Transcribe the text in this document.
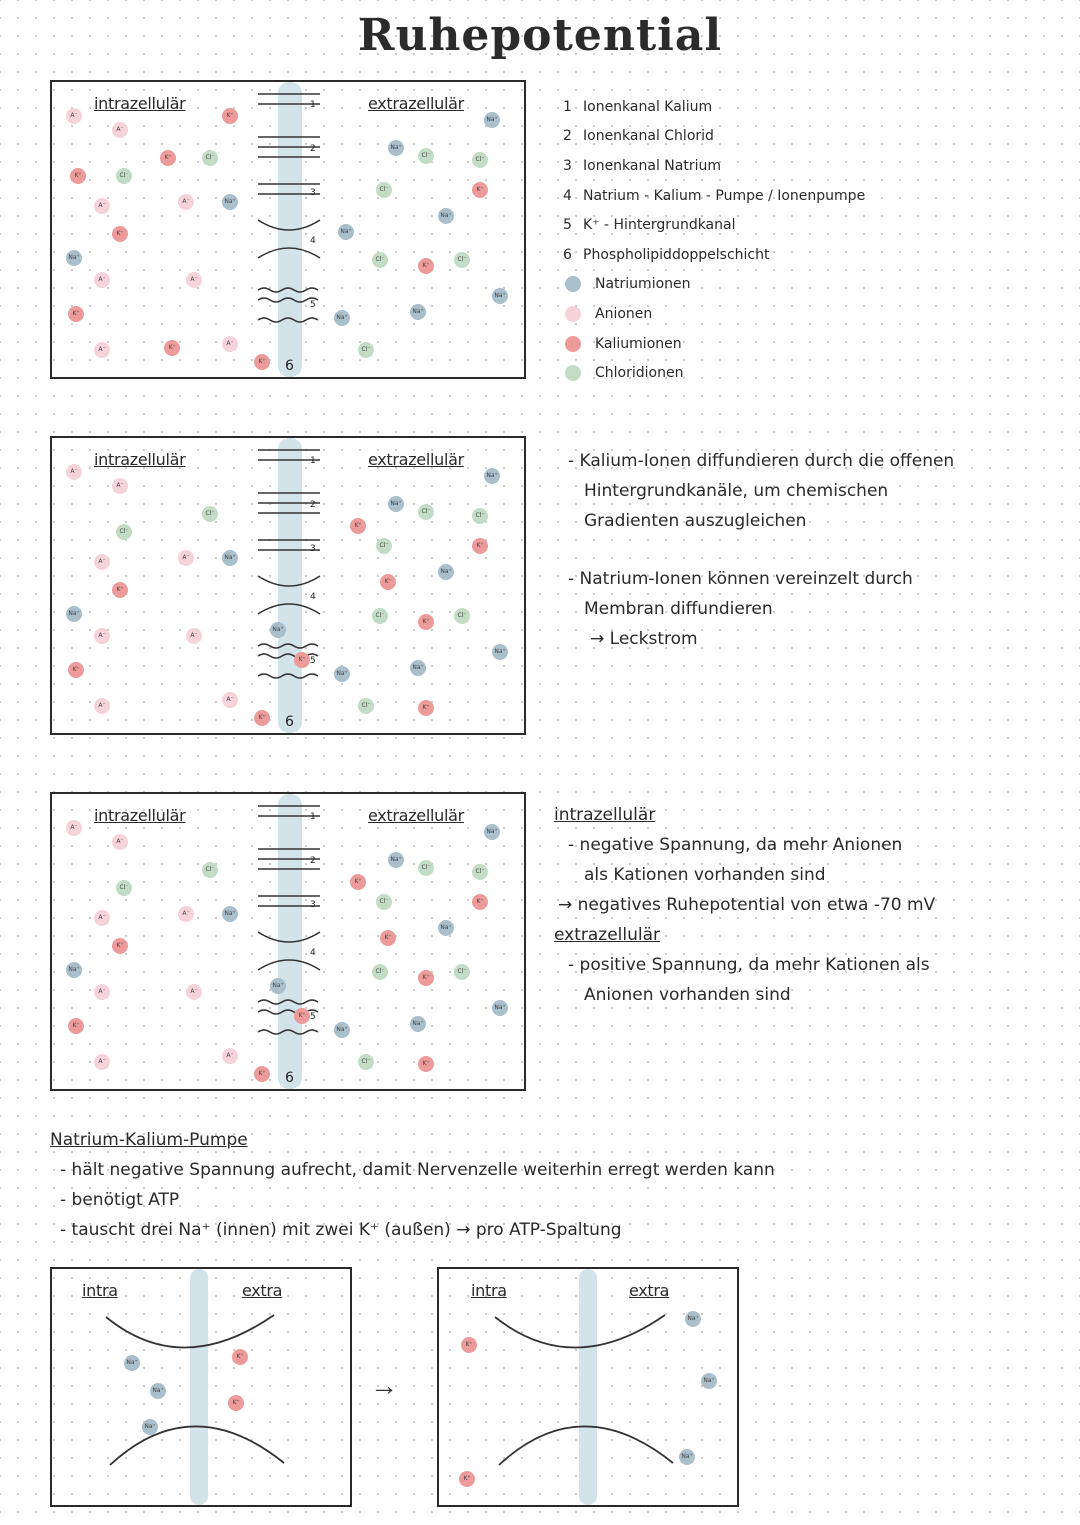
Ruhepotential
1
2
3
4
5
6
intrazellulär	extrazellulär
A⁻
A⁻
K⁺	Cl⁻
K⁺
K⁺	Cl⁻
A⁻
A⁻	Na⁺
K⁺
Na⁺
A⁻	A⁻
K⁺
A⁻	K⁺
A⁻
K⁺
Na⁺
Na⁺
Cl⁻
Cl⁻
Cl⁻	K⁺
Na⁺
Na⁺
Cl⁻
K⁺
Cl⁻
Na⁺
Na⁺
Na⁺
Cl⁻
1
2
3
4
5
6
intrazellulär	extrazellulär
A⁻
A⁻
Cl⁻
Cl⁻
A⁻
A⁻	Na⁺
K⁺
Na⁺
A⁻	A⁻
K⁺
A⁻
A⁻
K⁺
Na⁺
K⁺
Na⁺
Na⁺
Cl⁻
Cl⁻
K⁺
Cl⁻	K⁺
Na⁺
K⁺
Cl⁻
K⁺
Cl⁻
Na⁺
Na⁺
Na⁺
Cl⁻	K⁺
1
2
3
4
5
6
intrazellulär	extrazellulär
A⁻
A⁻
Cl⁻
Cl⁻
A⁻
A⁻	Na⁺
K⁺
Na⁺
A⁻	A⁻
K⁺
A⁻
A⁻
K⁺
Na⁺
K⁺
Na⁺
Na⁺
Cl⁻
Cl⁻
K⁺
Cl⁻	K⁺
Na⁺
K⁺
Cl⁻
K⁺
Cl⁻
Na⁺
Na⁺
Na⁺
Cl⁻	K⁺
1 Ionenkanal Kalium
2 Ionenkanal Chlorid
3 Ionenkanal Natrium
4 Natrium - Kalium - Pumpe / Ionenpumpe
5 K⁺ - Hintergrundkanal
6 Phospholipiddoppelschicht
Natriumionen
Anionen
Kaliumionen
Chloridionen
- Kalium-Ionen diffundieren durch die offenen
Hintergrundkanäle, um chemischen
Gradienten auszugleichen
- Natrium-Ionen können vereinzelt durch
Membran diffundieren
→ Leckstrom
intrazellulär
- negative Spannung, da mehr Anionen
als Kationen vorhanden sind
→ negatives Ruhepotential von etwa -70 mV
extrazellulär
- positive Spannung, da mehr Kationen als
Anionen vorhanden sind
Natrium-Kalium-Pumpe
- hält negative Spannung aufrecht, damit Nervenzelle weiterhin erregt werden kann
- benötigt ATP
- tauscht drei Na⁺ (innen) mit zwei K⁺ (außen) → pro ATP-Spaltung
intra	extra
Na⁺
Na⁺
Na⁺
K⁺
K⁺
→
intra	extra
K⁺
K⁺
Na⁺
Na⁺
Na⁺
